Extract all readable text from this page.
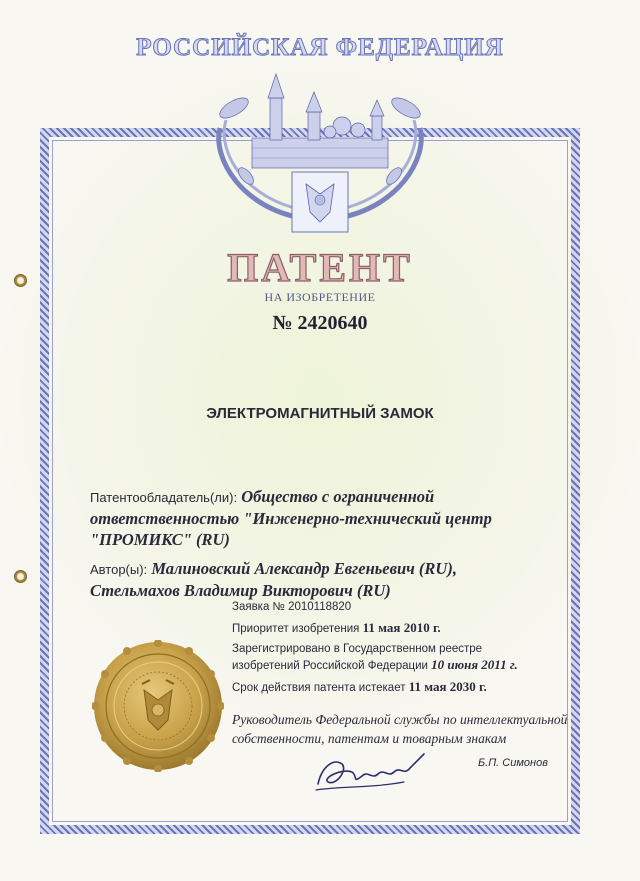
РОССИЙСКАЯ ФЕДЕРАЦИЯ
ПАТЕНТ
НА ИЗОБРЕТЕНИЕ
№ 2420640
ЭЛЕКТРОМАГНИТНЫЙ ЗАМОК
Патентообладатель(ли): Общество с ограниченной
ответственностью "Инженерно-технический центр
"ПРОМИКС" (RU)
Автор(ы): Малиновский Александр Евгеньевич (RU),
Стельмахов Владимир Викторович (RU)
Заявка № 2010118820
Приоритет изобретения 11 мая 2010 г.
Зарегистрировано в Государственном реестре
изобретений Российской Федерации 10 июня 2011 г.
Срок действия патента истекает 11 мая 2030 г.
Руководитель Федеральной службы по интеллектуальной
собственности, патентам и товарным знакам
Б.П. Симонов
